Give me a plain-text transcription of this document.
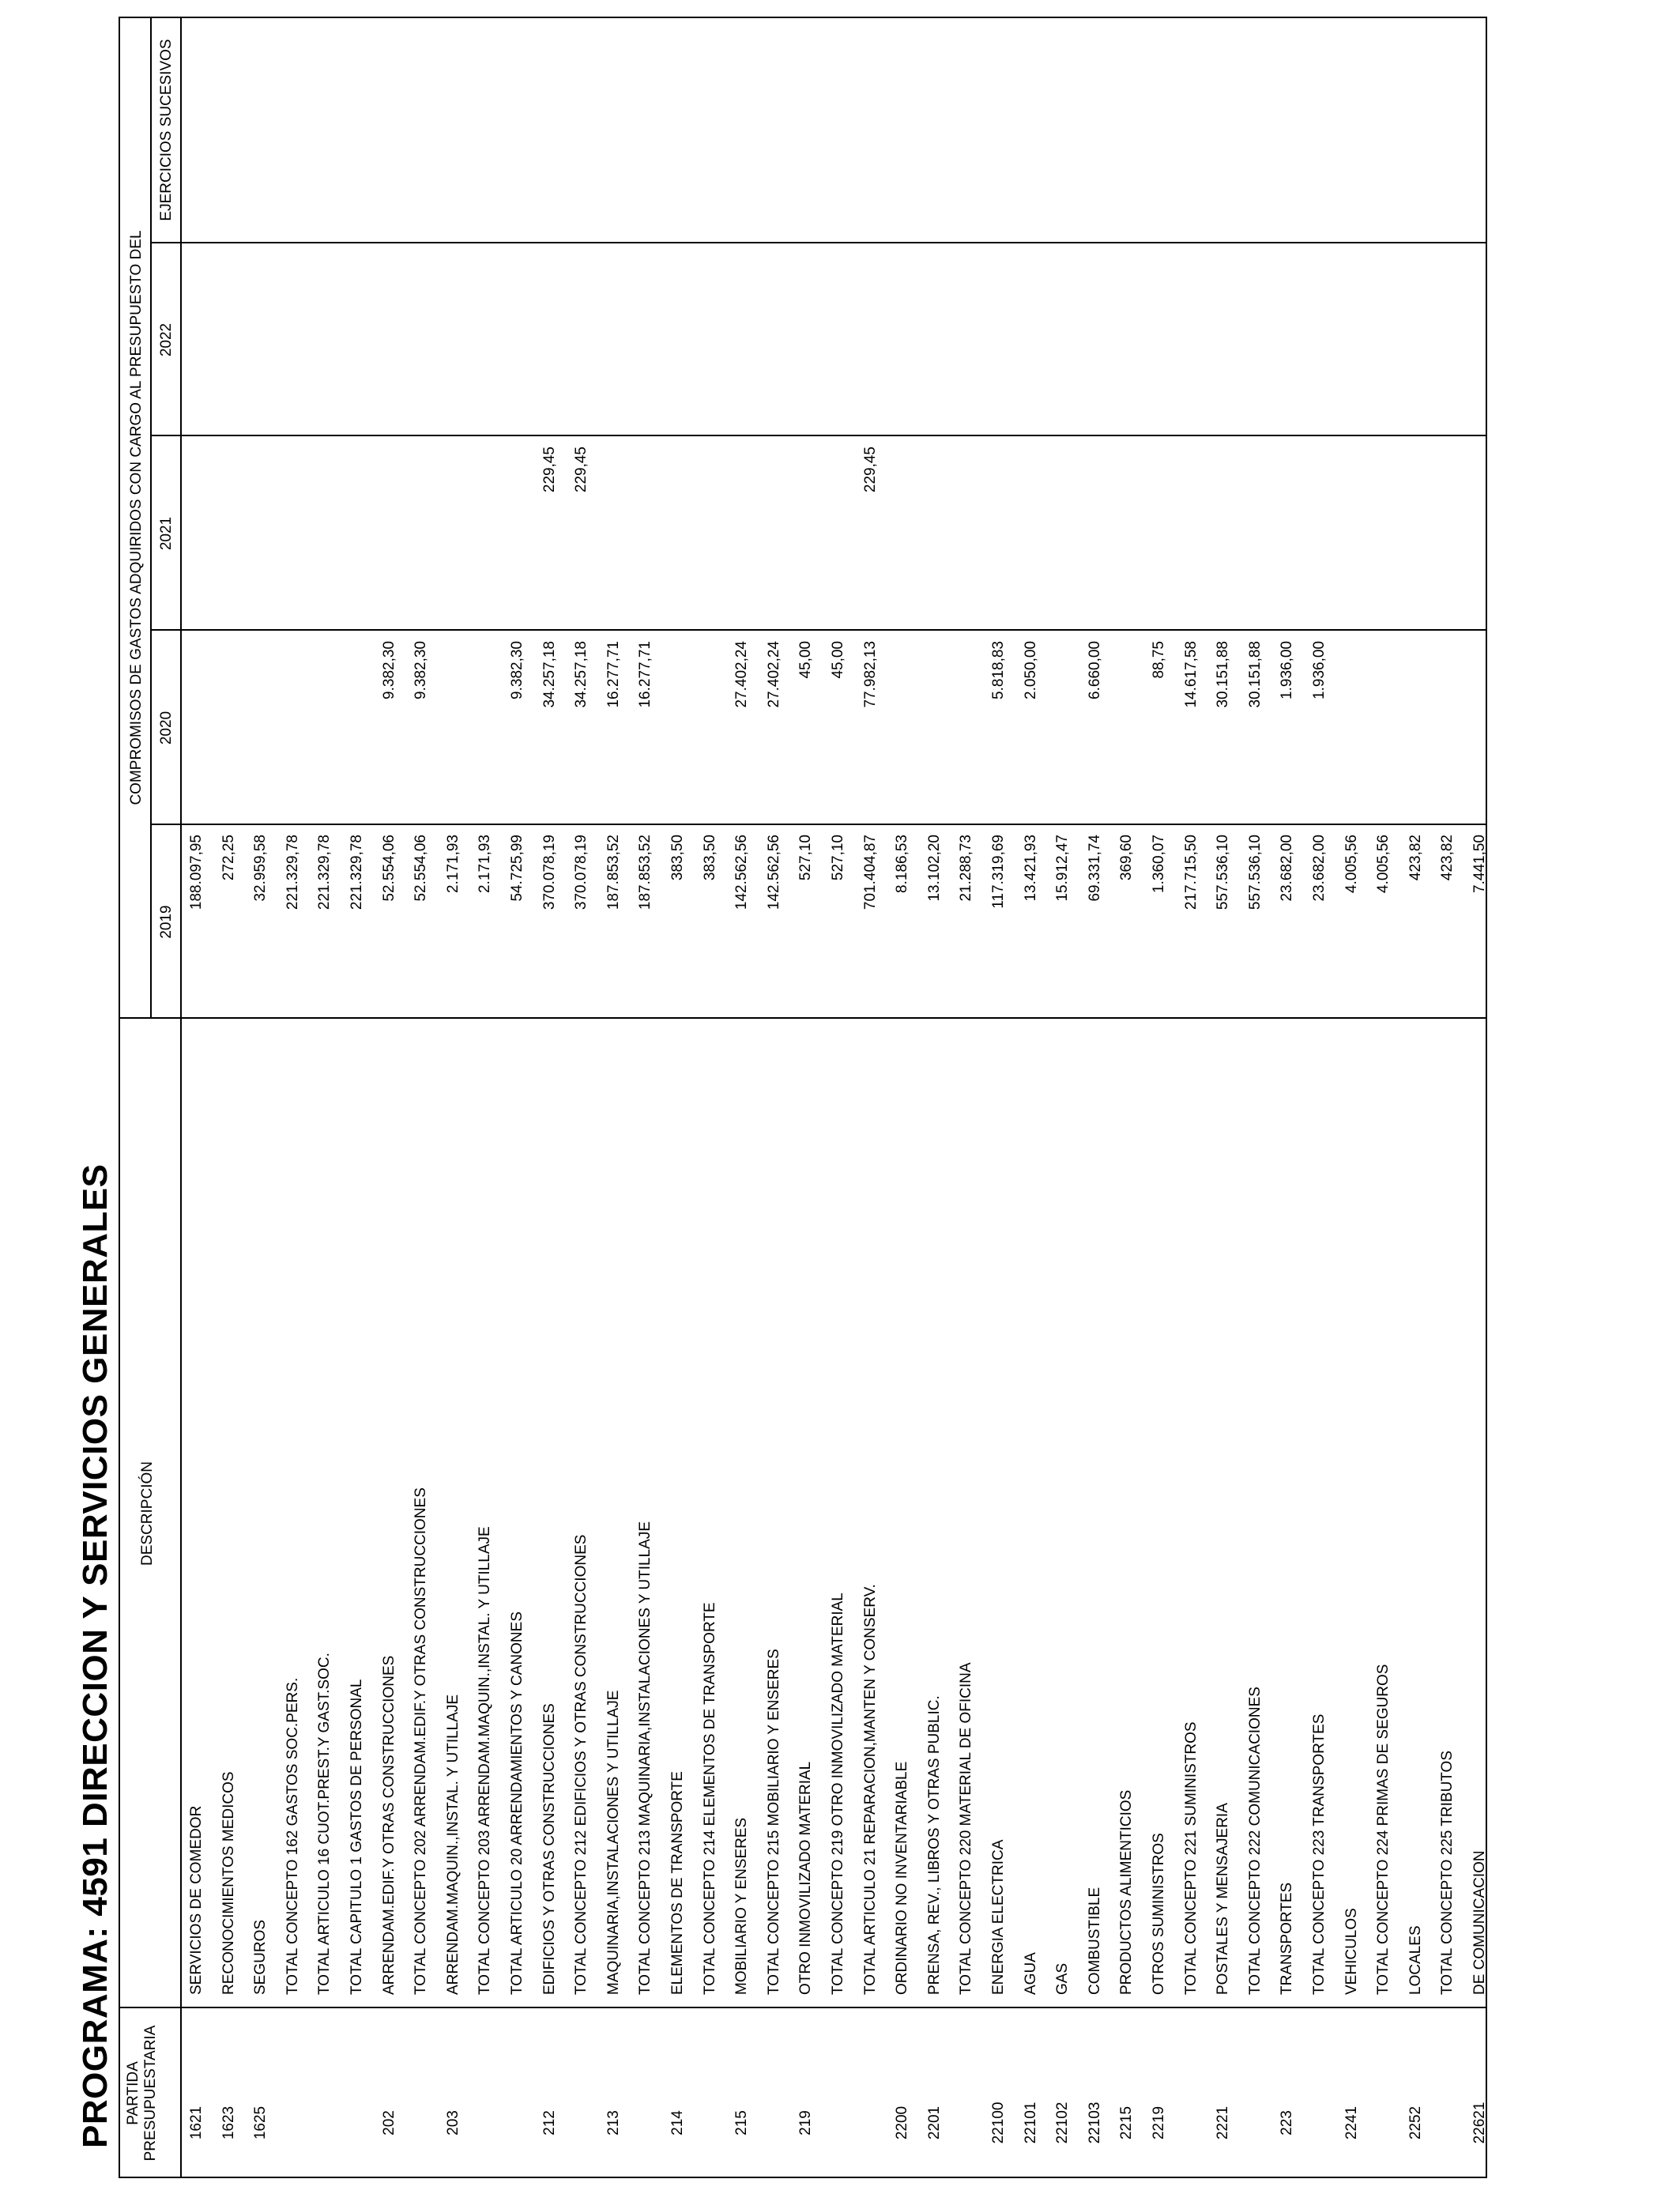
PROGRAMA: 4591 DIRECCION Y SERVICIOS GENERALES PARTIDA PRESUPUESTARIA
DESCRIPCIÓN
COMPROMISOS DE GASTOS ADQUIRIDOS CON CARGO AL PRESUPUESTO DEL
2019
2020
2021
2022
EJERCICIOS SUCESIVOS
1621
SERVICIOS DE COMEDOR
188.097,95
1623
RECONOCIMIENTOS MEDICOS
272,25
1625
SEGUROS
32.959,58
TOTAL CONCEPTO 162 GASTOS SOC.PERS.
221.329,78
TOTAL ARTICULO 16 CUOT.PREST.Y GAST.SOC.
221.329,78
TOTAL CAPITULO 1 GASTOS DE PERSONAL
221.329,78
202
ARRENDAM.EDIF.Y OTRAS CONSTRUCCIONES
52.554,06
9.382,30
TOTAL CONCEPTO 202 ARRENDAM.EDIF.Y OTRAS CONSTRUCCIONES
52.554,06
9.382,30
203
ARRENDAM.MAQUIN.,INSTAL. Y UTILLAJE
2.171,93
TOTAL CONCEPTO 203 ARRENDAM.MAQUIN.,INSTAL. Y UTILLAJE
2.171,93
TOTAL ARTICULO 20 ARRENDAMIENTOS Y CANONES
54.725,99
9.382,30
212
EDIFICIOS Y OTRAS CONSTRUCCIONES
370.078,19
34.257,18
229,45
TOTAL CONCEPTO 212 EDIFICIOS Y OTRAS CONSTRUCCIONES
370.078,19
34.257,18
229,45
213
MAQUINARIA,INSTALACIONES Y UTILLAJE
187.853,52
16.277,71
TOTAL CONCEPTO 213 MAQUINARIA,INSTALACIONES Y UTILLAJE
187.853,52
16.277,71
214
ELEMENTOS DE TRANSPORTE
383,50
TOTAL CONCEPTO 214 ELEMENTOS DE TRANSPORTE
383,50
215
MOBILIARIO Y ENSERES
142.562,56
27.402,24
TOTAL CONCEPTO 215 MOBILIARIO Y ENSERES
142.562,56
27.402,24
219
OTRO INMOVILIZADO MATERIAL
527,10
45,00
TOTAL CONCEPTO 219 OTRO INMOVILIZADO MATERIAL
527,10
45,00
TOTAL ARTICULO 21 REPARACION,MANTEN Y CONSERV.
701.404,87
77.982,13
229,45
2200
ORDINARIO NO INVENTARIABLE
8.186,53
2201
PRENSA, REV., LIBROS Y OTRAS PUBLIC.
13.102,20
TOTAL CONCEPTO 220 MATERIAL DE OFICINA
21.288,73
22100
ENERGIA ELECTRICA
117.319,69
5.818,83
22101
AGUA
13.421,93
2.050,00
22102
GAS
15.912,47
22103
COMBUSTIBLE
69.331,74
6.660,00
2215
PRODUCTOS ALIMENTICIOS
369,60
2219
OTROS SUMINISTROS
1.360,07
88,75
TOTAL CONCEPTO 221 SUMINISTROS
217.715,50
14.617,58
2221
POSTALES Y MENSAJERIA
557.536,10
30.151,88
TOTAL CONCEPTO 222 COMUNICACIONES
557.536,10
30.151,88
223
TRANSPORTES
23.682,00
1.936,00
TOTAL CONCEPTO 223 TRANSPORTES
23.682,00
1.936,00
2241
VEHICULOS
4.005,56
TOTAL CONCEPTO 224 PRIMAS DE SEGUROS
4.005,56
2252
LOCALES
423,82
TOTAL CONCEPTO 225 TRIBUTOS
423,82
22621
DE COMUNICACION
7.441,50
